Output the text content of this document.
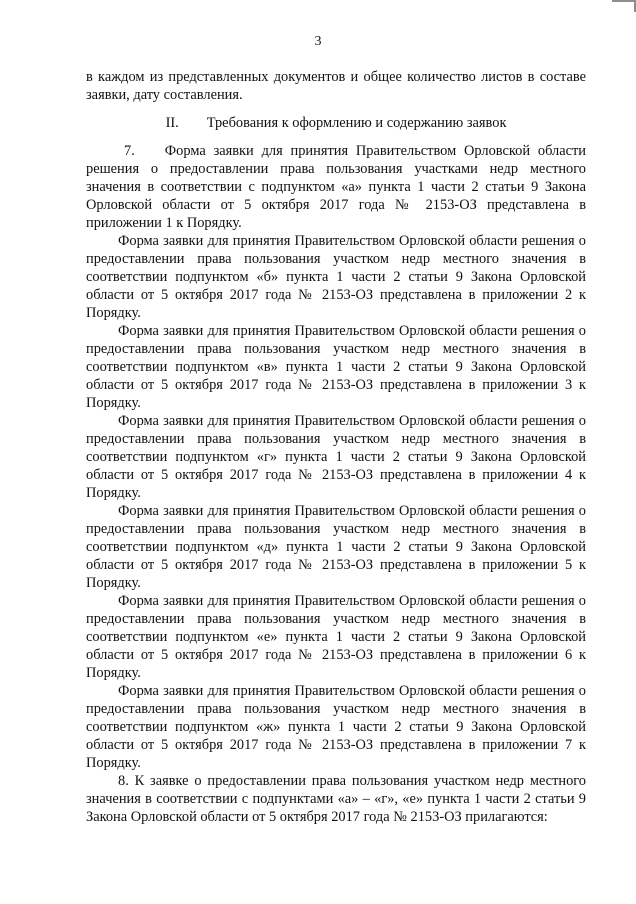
3

в каждом из представленных документов и общее количество листов в составе заявки, дату составления.

II. Требования к оформлению и содержанию заявок

7. Форма заявки для принятия Правительством Орловской области решения о предоставлении права пользования участками недр местного значения в соответствии с подпунктом «а» пункта 1 части 2 статьи 9 Закона Орловской области от 5 октября 2017 года № 2153-ОЗ представлена в приложении 1 к Порядку.

Форма заявки для принятия Правительством Орловской области решения о предоставлении права пользования участком недр местного значения в соответствии подпунктом «б» пункта 1 части 2 статьи 9 Закона Орловской области от 5 октября 2017 года № 2153-ОЗ представлена в приложении 2 к Порядку.

Форма заявки для принятия Правительством Орловской области решения о предоставлении права пользования участком недр местного значения в соответствии подпунктом «в» пункта 1 части 2 статьи 9 Закона Орловской области от 5 октября 2017 года № 2153-ОЗ представлена в приложении 3 к Порядку.

Форма заявки для принятия Правительством Орловской области решения о предоставлении права пользования участком недр местного значения в соответствии подпунктом «г» пункта 1 части 2 статьи 9 Закона Орловской области от 5 октября 2017 года № 2153-ОЗ представлена в приложении 4 к Порядку.

Форма заявки для принятия Правительством Орловской области решения о предоставлении права пользования участком недр местного значения в соответствии подпунктом «д» пункта 1 части 2 статьи 9 Закона Орловской области от 5 октября 2017 года № 2153-ОЗ представлена в приложении 5 к Порядку.

Форма заявки для принятия Правительством Орловской области решения о предоставлении права пользования участком недр местного значения в соответствии подпунктом «е» пункта 1 части 2 статьи 9 Закона Орловской области от 5 октября 2017 года № 2153-ОЗ представлена в приложении 6 к Порядку.

Форма заявки для принятия Правительством Орловской области решения о предоставлении права пользования участком недр местного значения в соответствии подпунктом «ж» пункта 1 части 2 статьи 9 Закона Орловской области от 5 октября 2017 года № 2153-ОЗ представлена в приложении 7 к Порядку.

8. К заявке о предоставлении права пользования участком недр местного значения в соответствии с подпунктами «а» – «г», «е» пункта 1 части 2 статьи 9 Закона Орловской области от 5 октября 2017 года № 2153-ОЗ прилагаются:
